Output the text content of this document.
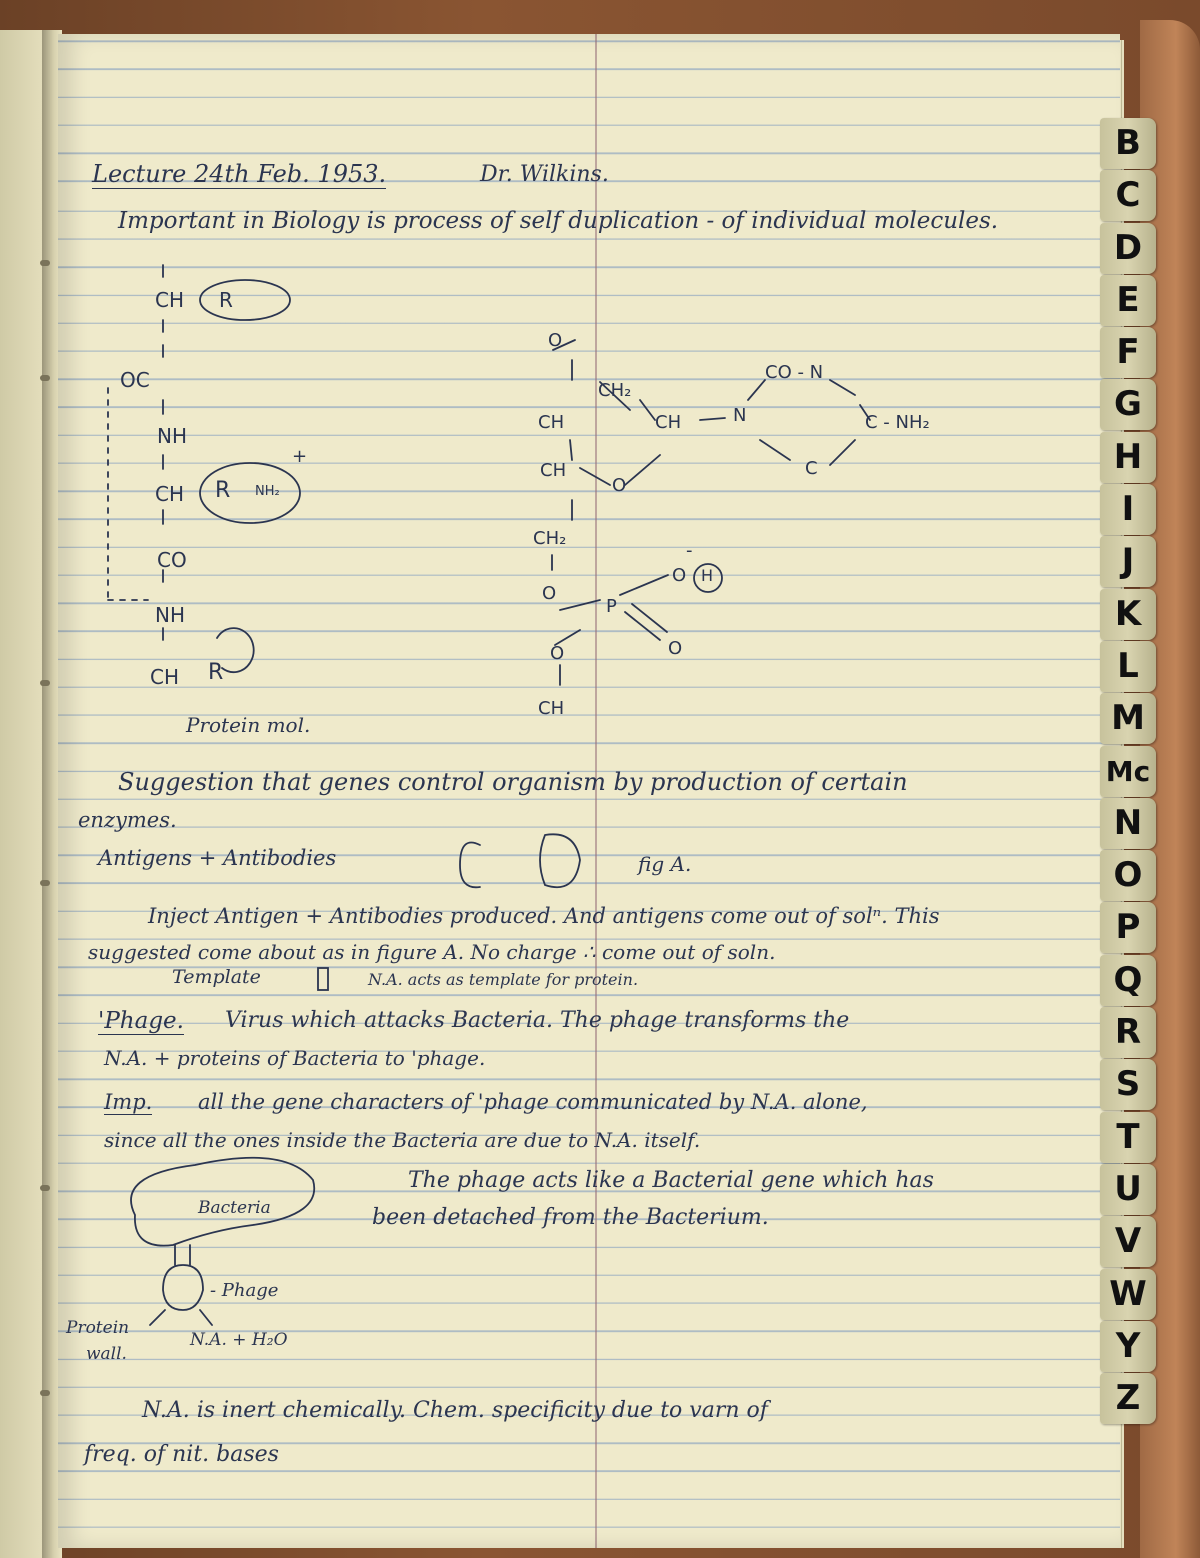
B
C
D
E
F
G
H
I
J
K
L
M
Mc
N
O
P
Q
R
S
T
U
V
W
Y
Z
Lecture 24th Feb. 1953.	Dr. Wilkins.
Important in Biology is process of self duplication - of individual molecules.
CH R
OC
NH
CH R NH₂
+
CO
NH
CH R
Protein mol.
O
CH₂
CH	CH	N
CO - N
C - NH₂
C
CH
O
CH₂
O
P
O H
-
O
O
CH
Suggestion that genes control organism by production of certain
enzymes.
Antigens + Antibodies	fig A.
Inject Antigen + Antibodies produced. And antigens come out of solⁿ. This
suggested come about as in figure A. No charge ∴ come out of soln.
Template	N.A. acts as template for protein.
'Phage. Virus which attacks Bacteria. The phage transforms the
N.A. + proteins of Bacteria to 'phage.
Imp. all the gene characters of 'phage communicated by N.A. alone,
since all the ones inside the Bacteria are due to N.A. itself.
The phage acts like a Bacterial gene which has
been detached from the Bacterium.
Bacteria
- Phage
Protein
wall.
N.A. + H₂O
N.A. is inert chemically. Chem. specificity due to varn of
freq. of nit. bases
